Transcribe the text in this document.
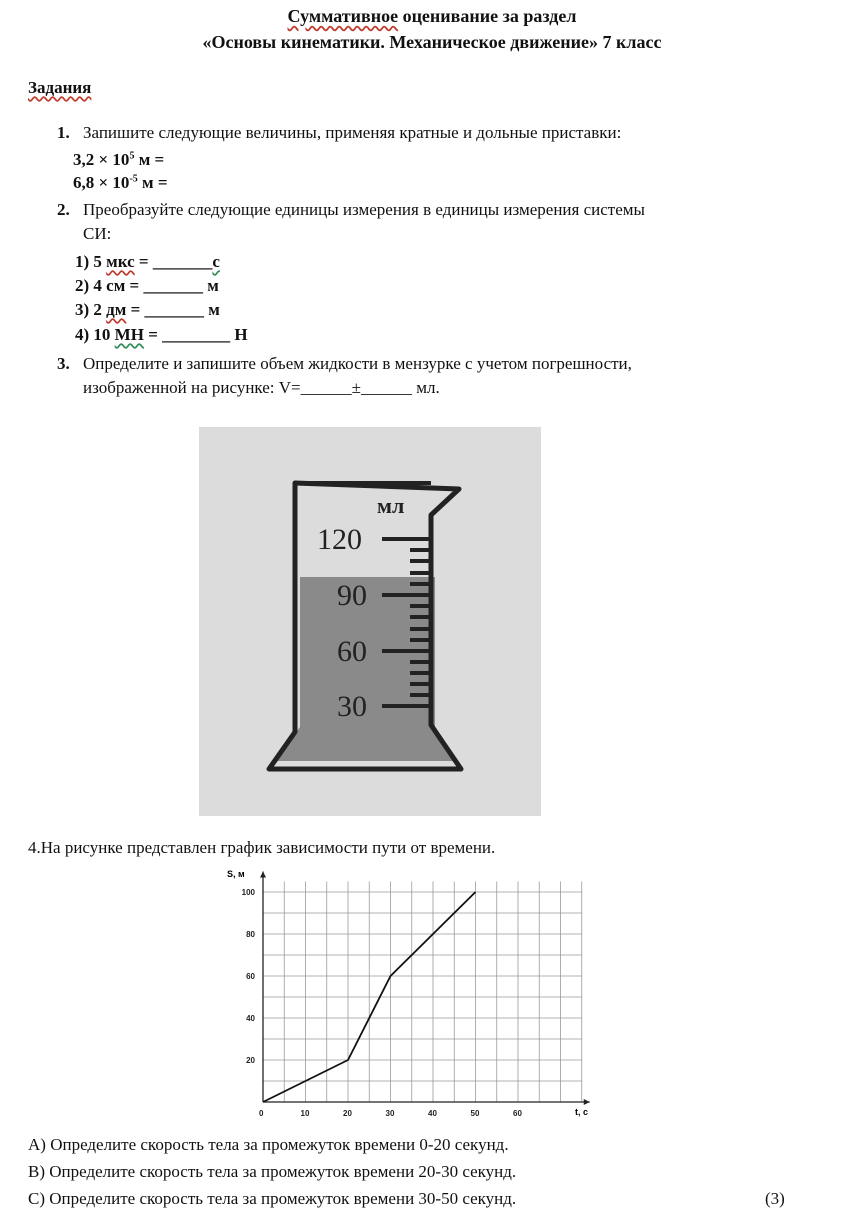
Суммативное оценивание за раздел
«Основы кинематики. Механическое движение» 7 класс
Задания
1. Запишите следующие величины, применяя кратные и дольные приставки:
$3,2 \times 10^5$ м =
$6,8 \times 10^{-5}$ м =
2. Преобразуйте следующие единицы измерения в единицы измерения системы
СИ:
1) 5 мкс = _______с
2) 4 см = _______ м
3) 2 дм = _______ м
4) 10 МН = ________ Н
3. Определите и запишите объем жидкости в мензурке с учетом погрешности,
изображенной на рисунке: V=______±______ мл.
мл
120
90
60
30
4.На рисунке представлен график зависимости пути от времени.
0	10	20	30	40	50	60
20
40
60
80
100
S, м
t, c
A) Определите скорость тела за промежуток времени 0-20 секунд.
B) Определите скорость тела за промежуток времени 20-30 секунд.
C) Определите скорость тела за промежуток времени 30-50 секунд.	(3)
